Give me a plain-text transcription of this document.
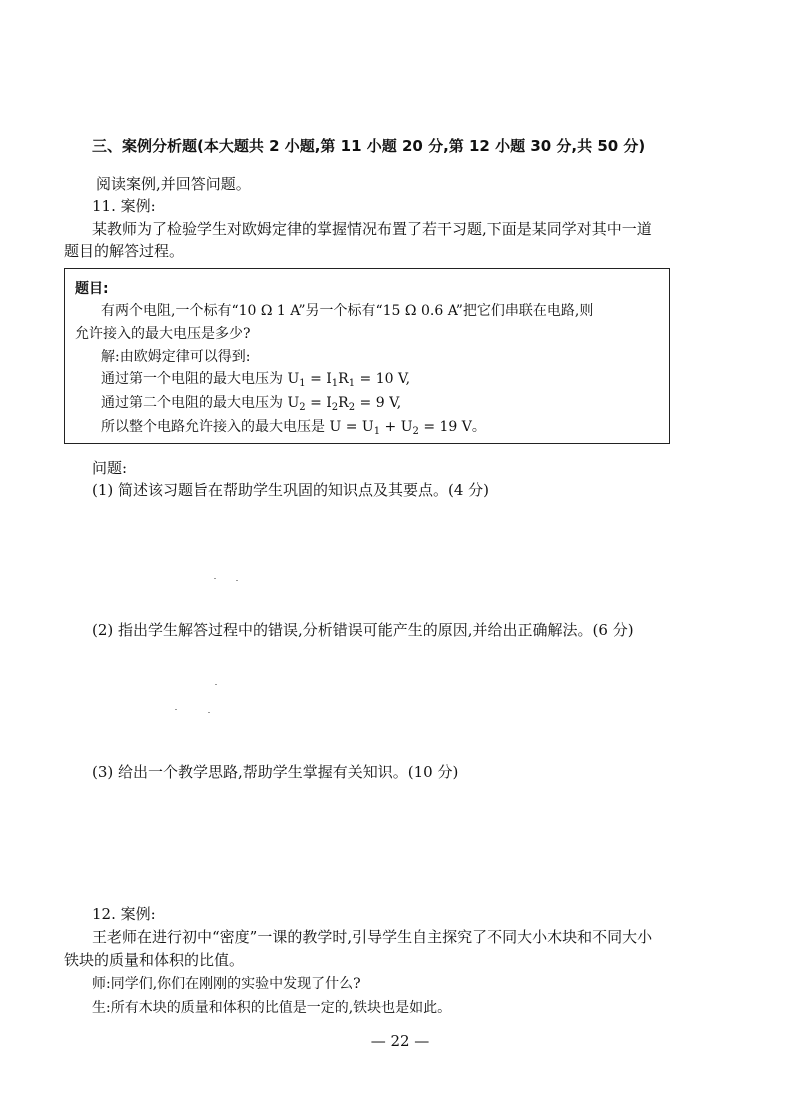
三、案例分析题(本大题共 2 小题,第 11 小题 20 分,第 12 小题 30 分,共 50 分)
阅读案例,并回答问题。
11. 案例:
某教师为了检验学生对欧姆定律的掌握情况布置了若干习题,下面是某同学对其中一道
题目的解答过程。
题目:
有两个电阻,一个标有“10 Ω 1 A”另一个标有“15 Ω 0.6 A”把它们串联在电路,则
允许接入的最大电压是多少?
解:由欧姆定律可以得到:
通过第一个电阻的最大电压为 $U_1 = I_1R_1 = 10$ V,
通过第二个电阻的最大电压为 $U_2 = I_2R_2 = 9$ V,
所以整个电路允许接入的最大电压是 $U = U_1 + U_2 = 19$ V。
问题:
(1) 简述该习题旨在帮助学生巩固的知识点及其要点。(4 分)
(2) 指出学生解答过程中的错误,分析错误可能产生的原因,并给出正确解法。(6 分)
(3) 给出一个教学思路,帮助学生掌握有关知识。(10 分)
12. 案例:
王老师在进行初中“密度”一课的教学时,引导学生自主探究了不同大小木块和不同大小
铁块的质量和体积的比值。
师:同学们,你们在刚刚的实验中发现了什么?
生:所有木块的质量和体积的比值是一定的,铁块也是如此。
— 22 —
